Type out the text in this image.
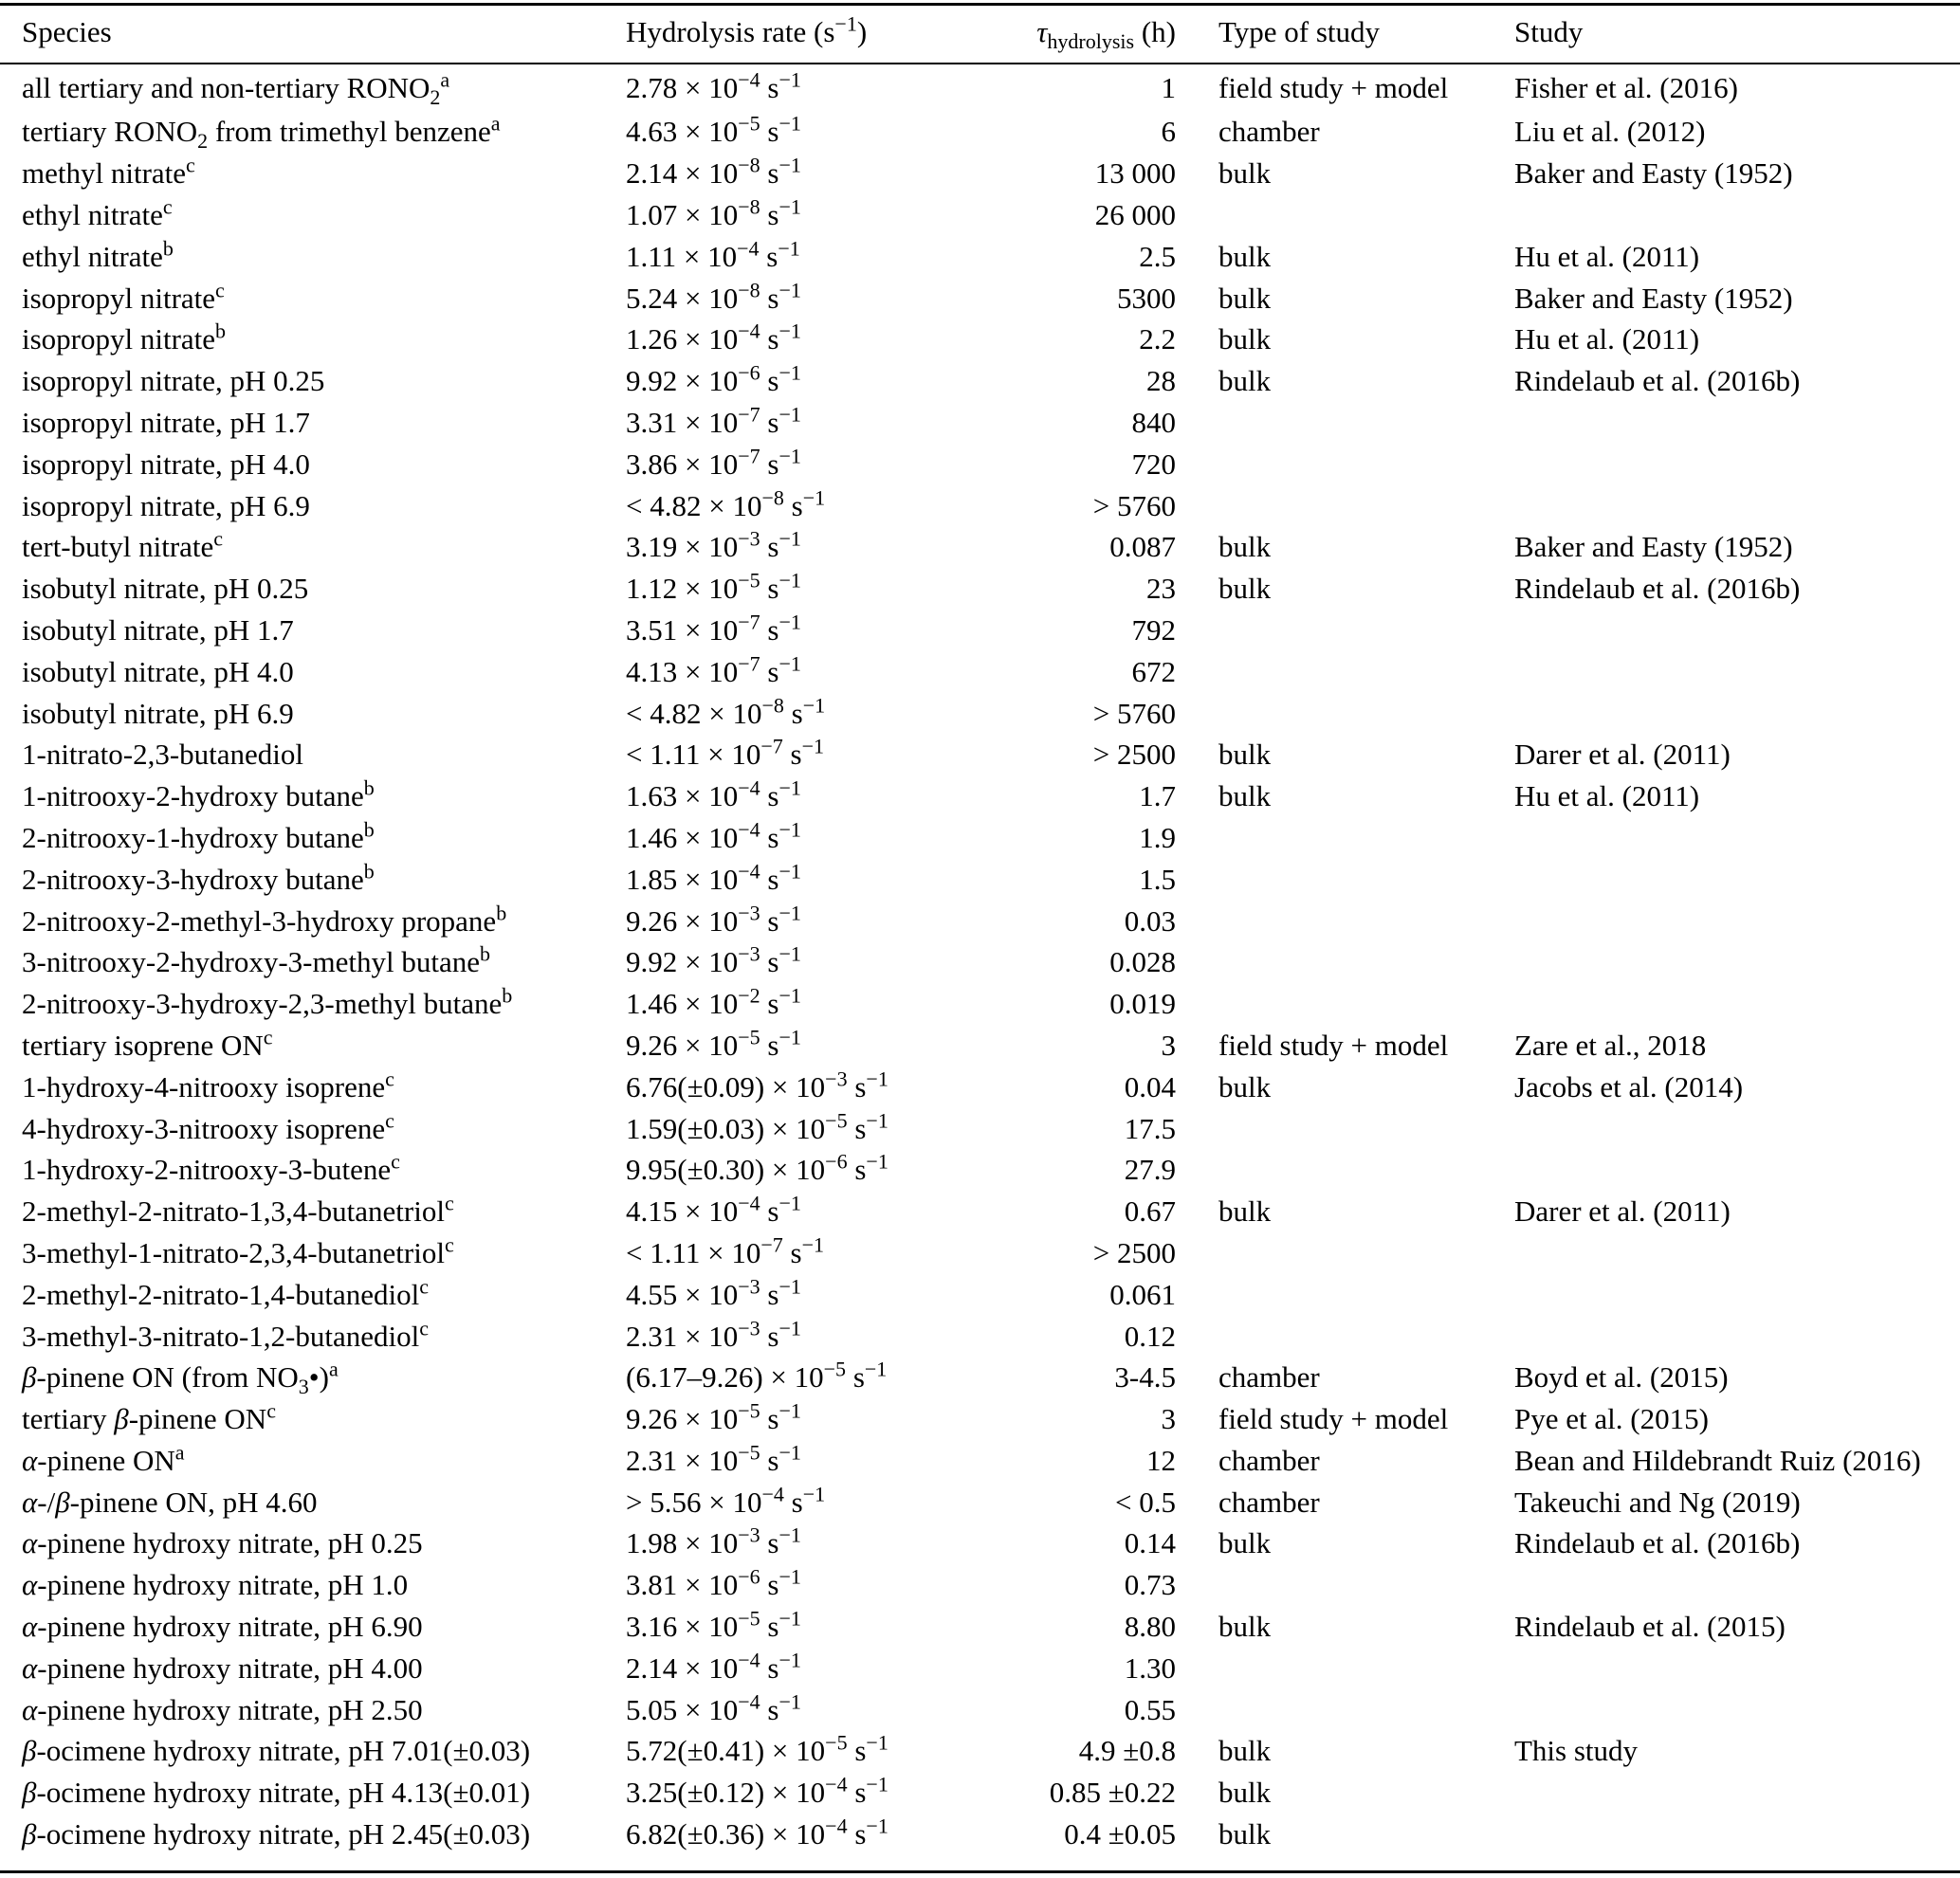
Species	Hydrolysis rate $(s^{-1})$	$\tau_{hydrolysis}$ (h)	Type of study	Study
all tertiary and non-tertiary $RONO_2^a$	$2.78 \times 10^{-4}$ $s^{-1}$	1	field study + model	Fisher et al. (2016)
tertiary $RONO_2$ from trimethyl benzene$^a$	$4.63 \times 10^{-5}$ $s^{-1}$	6	chamber	Liu et al. (2012)
methyl nitrate$^c$	$2.14 \times 10^{-8}$ $s^{-1}$	13 000	bulk	Baker and Easty (1952)
ethyl nitrate$^c$	$1.07 \times 10^{-8}$ $s^{-1}$	26 000		
ethyl nitrate$^b$	$1.11 \times 10^{-4}$ $s^{-1}$	2.5	bulk	Hu et al. (2011)
isopropyl nitrate$^c$	$5.24 \times 10^{-8}$ $s^{-1}$	5300	bulk	Baker and Easty (1952)
isopropyl nitrate$^b$	$1.26 \times 10^{-4}$ $s^{-1}$	2.2	bulk	Hu et al. (2011)
isopropyl nitrate, pH 0.25	$9.92 \times 10^{-6}$ $s^{-1}$	28	bulk	Rindelaub et al. (2016b)
isopropyl nitrate, pH 1.7	$3.31 \times 10^{-7}$ $s^{-1}$	840		
isopropyl nitrate, pH 4.0	$3.86 \times 10^{-7}$ $s^{-1}$	720		
isopropyl nitrate, pH 6.9	< $4.82 \times 10^{-8}$ $s^{-1}$	> 5760		
tert-butyl nitrate$^c$	$3.19 \times 10^{-3}$ $s^{-1}$	0.087	bulk	Baker and Easty (1952)
isobutyl nitrate, pH 0.25	$1.12 \times 10^{-5}$ $s^{-1}$	23	bulk	Rindelaub et al. (2016b)
isobutyl nitrate, pH 1.7	$3.51 \times 10^{-7}$ $s^{-1}$	792		
isobutyl nitrate, pH 4.0	$4.13 \times 10^{-7}$ $s^{-1}$	672		
isobutyl nitrate, pH 6.9	< $4.82 \times 10^{-8}$ $s^{-1}$	> 5760		
1-nitrato-2,3-butanediol	< $1.11 \times 10^{-7}$ $s^{-1}$	> 2500	bulk	Darer et al. (2011)
1-nitrooxy-2-hydroxy butane$^b$	$1.63 \times 10^{-4}$ $s^{-1}$	1.7	bulk	Hu et al. (2011)
2-nitrooxy-1-hydroxy butane$^b$	$1.46 \times 10^{-4}$ $s^{-1}$	1.9		
2-nitrooxy-3-hydroxy butane$^b$	$1.85 \times 10^{-4}$ $s^{-1}$	1.5		
2-nitrooxy-2-methyl-3-hydroxy propane$^b$	$9.26 \times 10^{-3}$ $s^{-1}$	0.03		
3-nitrooxy-2-hydroxy-3-methyl butane$^b$	$9.92 \times 10^{-3}$ $s^{-1}$	0.028		
2-nitrooxy-3-hydroxy-2,3-methyl butane$^b$	$1.46 \times 10^{-2}$ $s^{-1}$	0.019		
tertiary isoprene $ON^c$	$9.26 \times 10^{-5}$ $s^{-1}$	3	field study + model	Zare et al., 2018
1-hydroxy-4-nitrooxy isoprene$^c$	$6.76(\pm 0.09) \times 10^{-3}$ $s^{-1}$	0.04	bulk	Jacobs et al. (2014)
4-hydroxy-3-nitrooxy isoprene$^c$	$1.59(\pm 0.03) \times 10^{-5}$ $s^{-1}$	17.5		
1-hydroxy-2-nitrooxy-3-butene$^c$	$9.95(\pm 0.30) \times 10^{-6}$ $s^{-1}$	27.9		
2-methyl-2-nitrato-1,3,4-butanetriol$^c$	$4.15 \times 10^{-4}$ $s^{-1}$	0.67	bulk	Darer et al. (2011)
3-methyl-1-nitrato-2,3,4-butanetriol$^c$	< $1.11 \times 10^{-7}$ $s^{-1}$	> 2500		
2-methyl-2-nitrato-1,4-butanediol$^c$	$4.55 \times 10^{-3}$ $s^{-1}$	0.061		
3-methyl-3-nitrato-1,2-butanediol$^c$	$2.31 \times 10^{-3}$ $s^{-1}$	0.12		
β-pinene ON (from $NO_3•)^a$	$(6.17-9.26) \times 10^{-5}$ $s^{-1}$	3-4.5	chamber	Boyd et al. (2015)
tertiary β-pinene $ON^c$	$9.26 \times 10^{-5}$ $s^{-1}$	3	field study + model	Pye et al. (2015)
α-pinene $ON^a$	$2.31 \times 10^{-5}$ $s^{-1}$	12	chamber	Bean and Hildebrandt Ruiz (2016)
α-/β-pinene ON, pH 4.60	> $5.56 \times 10^{-4}$ $s^{-1}$	< 0.5	chamber	Takeuchi and Ng (2019)
α-pinene hydroxy nitrate, pH 0.25	$1.98 \times 10^{-3}$ $s^{-1}$	0.14	bulk	Rindelaub et al. (2016b)
α-pinene hydroxy nitrate, pH 1.0	$3.81 \times 10^{-6}$ $s^{-1}$	0.73		
α-pinene hydroxy nitrate, pH 6.90	$3.16 \times 10^{-5}$ $s^{-1}$	8.80	bulk	Rindelaub et al. (2015)
α-pinene hydroxy nitrate, pH 4.00	$2.14 \times 10^{-4}$ $s^{-1}$	1.30		
α-pinene hydroxy nitrate, pH 2.50	$5.05 \times 10^{-4}$ $s^{-1}$	0.55		
β-ocimene hydroxy nitrate, pH 7.01(±0.03)	$5.72(\pm 0.41) \times 10^{-5}$ $s^{-1}$	4.9 ±0.8	bulk	This study
β-ocimene hydroxy nitrate, pH 4.13(±0.01)	$3.25(\pm 0.12) \times 10^{-4}$ $s^{-1}$	0.85 ±0.22	bulk	
β-ocimene hydroxy nitrate, pH 2.45(±0.03)	$6.82(\pm 0.36) \times 10^{-4}$ $s^{-1}$	0.4 ±0.05	bulk	
